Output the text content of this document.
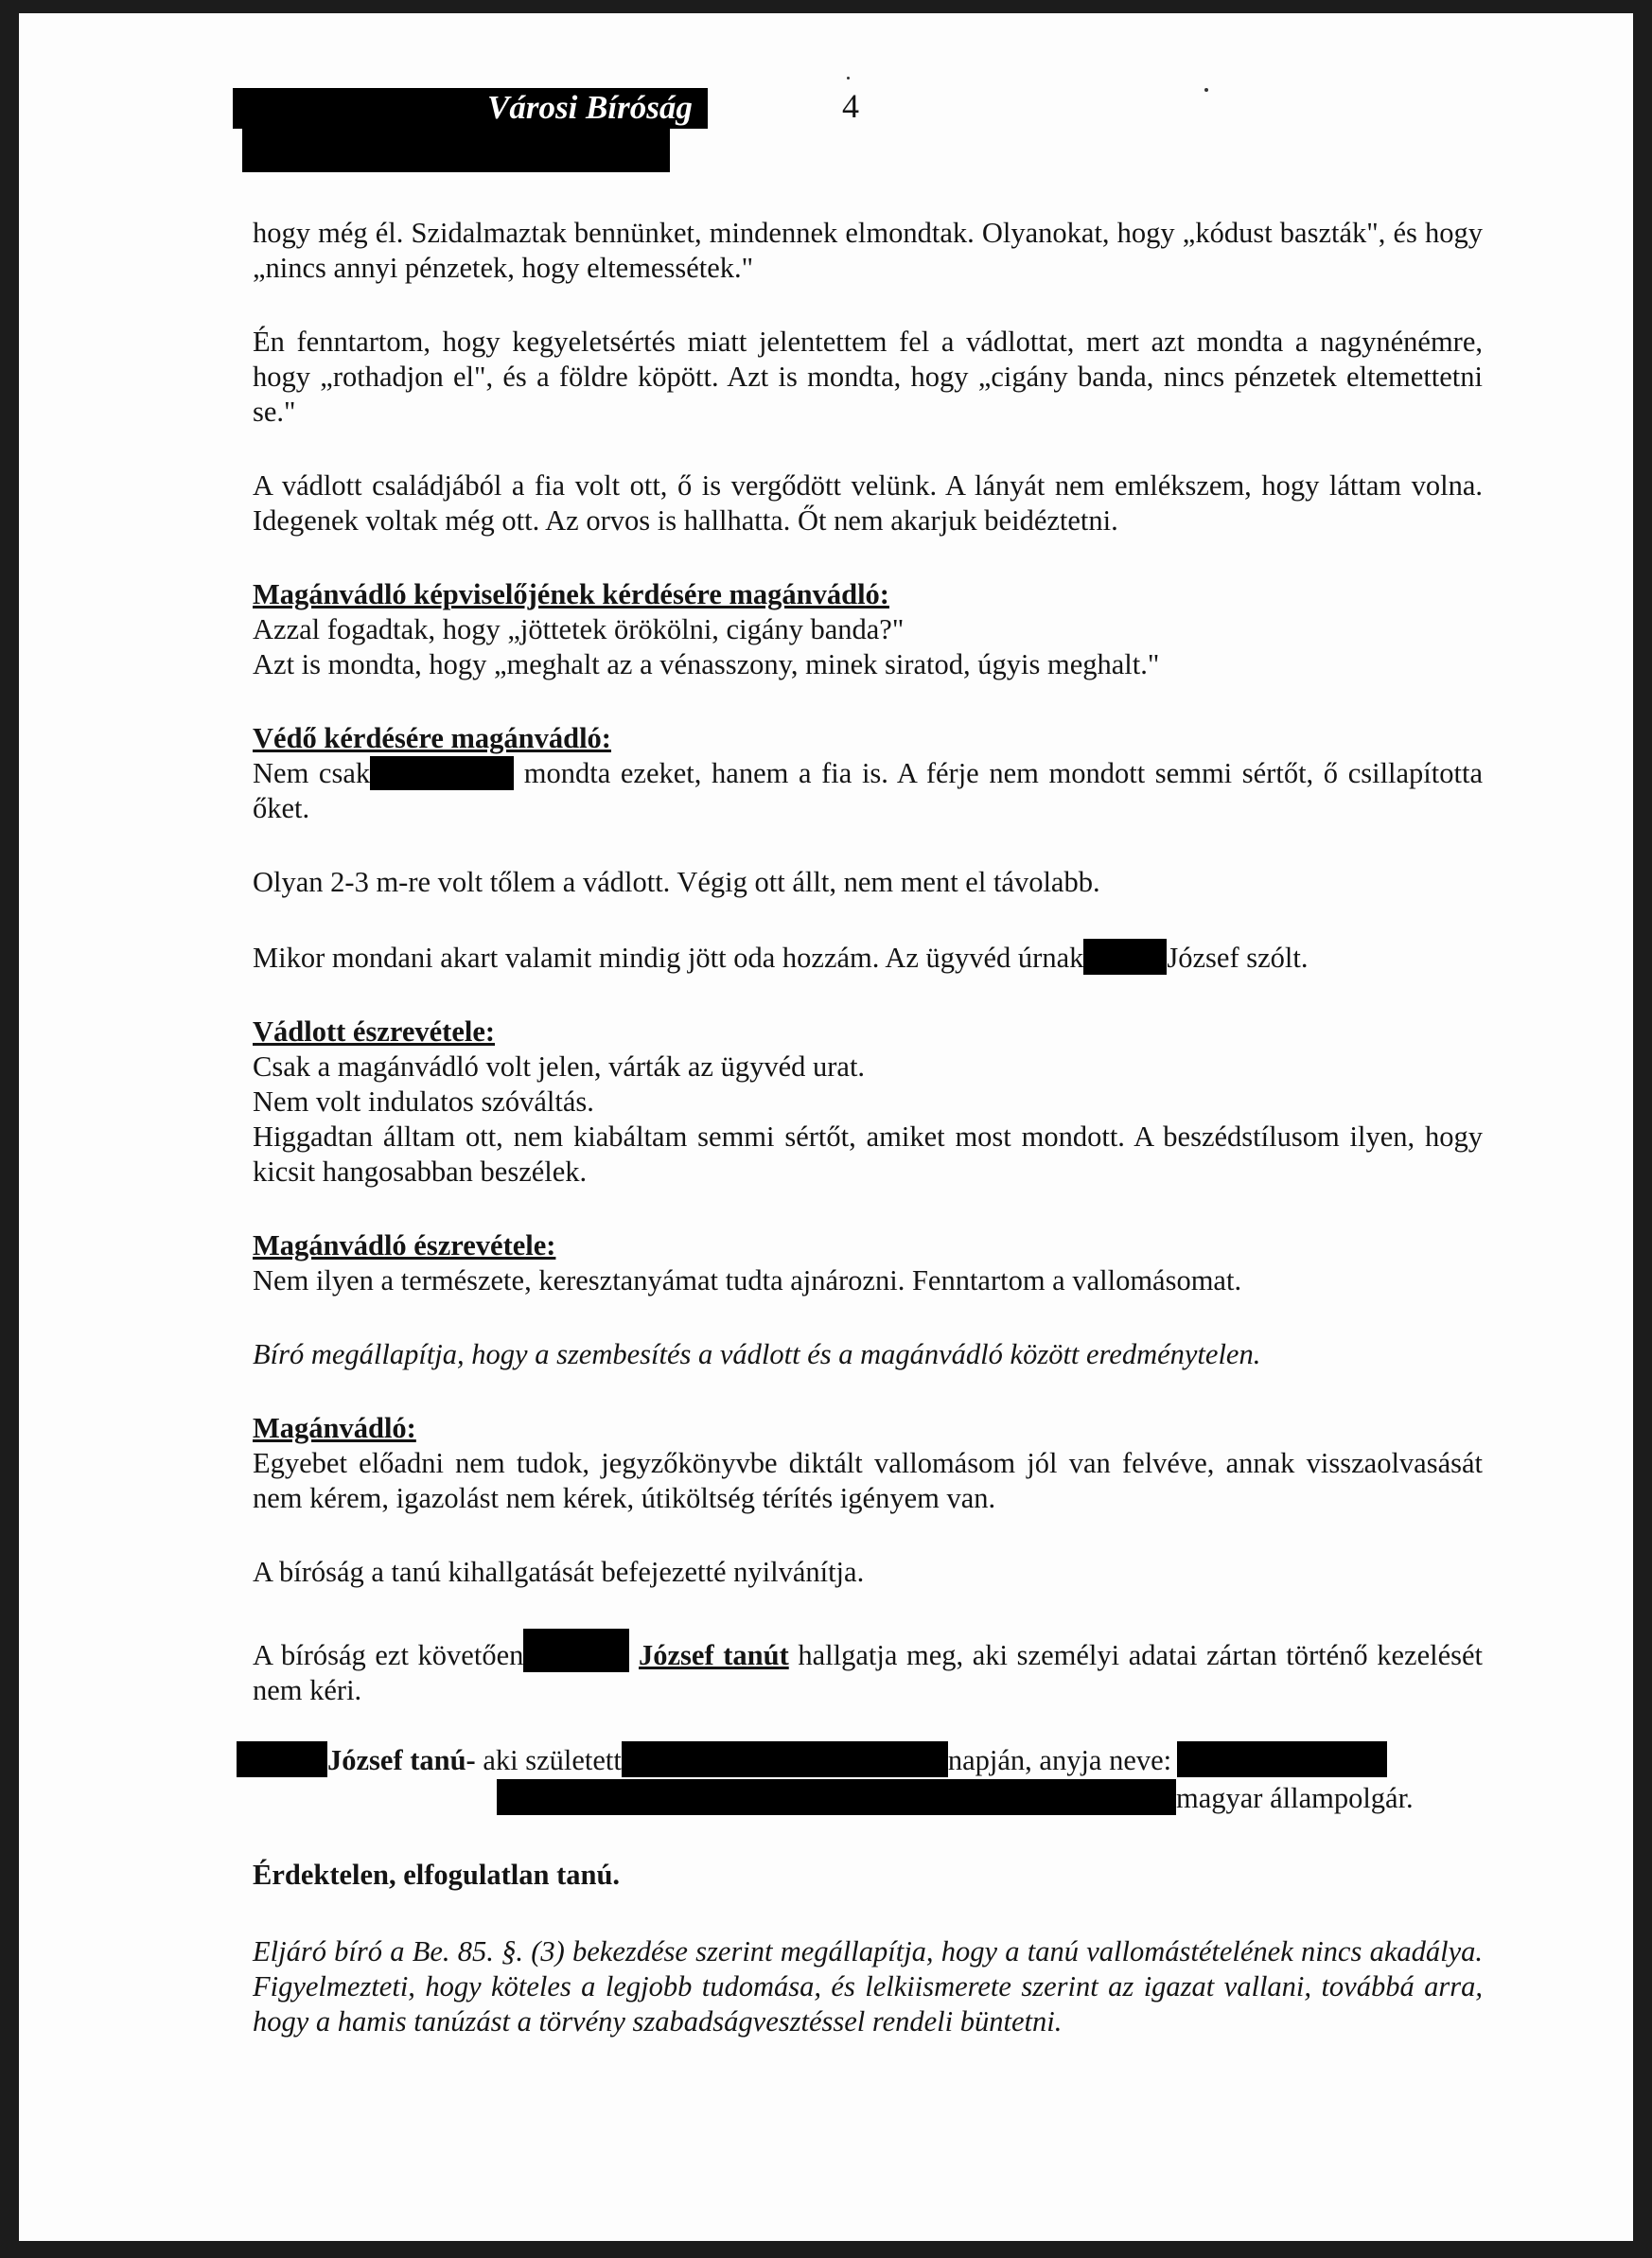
Városi Bíróság	4

hogy még él. Szidalmaztak bennünket, mindennek elmondtak. Olyanokat, hogy „kódust baszták", és hogy „nincs annyi pénzetek, hogy eltemessétek."

Én fenntartom, hogy kegyeletsértés miatt jelentettem fel a vádlottat, mert azt mondta a nagynénémre, hogy „rothadjon el", és a földre köpött. Azt is mondta, hogy „cigány banda, nincs pénzetek eltemettetni se."

A vádlott családjából a fia volt ott, ő is vergődött velünk. A lányát nem emlékszem, hogy láttam volna. Idegenek voltak még ott. Az orvos is hallhatta. Őt nem akarjuk beidéztetni.

Magánvádló képviselőjének kérdésére magánvádló:

Azzal fogadtak, hogy „jöttetek örökölni, cigány banda?"

Azt is mondta, hogy „meghalt az a vénasszony, minek siratod, úgyis meghalt."

Védő kérdésére magánvádló:

Nem csak	mondta ezeket, hanem a fia is. A férje nem mondott semmi sértőt, ő csillapította őket.

Olyan 2-3 m-re volt tőlem a vádlott. Végig ott állt, nem ment el távolabb.

Mikor mondani akart valamit mindig jött oda hozzám. Az ügyvéd úrnak	József szólt.

Vádlott észrevétele:

Csak a magánvádló volt jelen, várták az ügyvéd urat.

Nem volt indulatos szóváltás.

Higgadtan álltam ott, nem kiabáltam semmi sértőt, amiket most mondott. A beszédstílusom ilyen, hogy kicsit hangosabban beszélek.

Magánvádló észrevétele:

Nem ilyen a természete, keresztanyámat tudta ajnározni. Fenntartom a vallomásomat.

Bíró megállapítja, hogy a szembesítés a vádlott és a magánvádló között eredménytelen.

Magánvádló:

Egyebet előadni nem tudok, jegyzőkönyvbe diktált vallomásom jól van felvéve, annak visszaolvasását nem kérem, igazolást nem kérek, útiköltség térítés igényem van.

A bíróság a tanú kihallgatását befejezetté nyilvánítja.

A bíróság ezt követően	József tanút hallgatja meg, aki személyi adatai zártan történő kezelését nem kéri.

József tanú- aki született	napján, anyja neve:
magyar állampolgár.
Érdektelen, elfogulatlan tanú.
Eljáró bíró a Be. 85. §. (3) bekezdése szerint megállapítja, hogy a tanú vallomástételének nincs akadálya. Figyelmezteti, hogy köteles a legjobb tudomása, és lelkiismerete szerint az igazat vallani, továbbá arra, hogy a hamis tanúzást a törvény szabadságvesztéssel rendeli büntetni.
